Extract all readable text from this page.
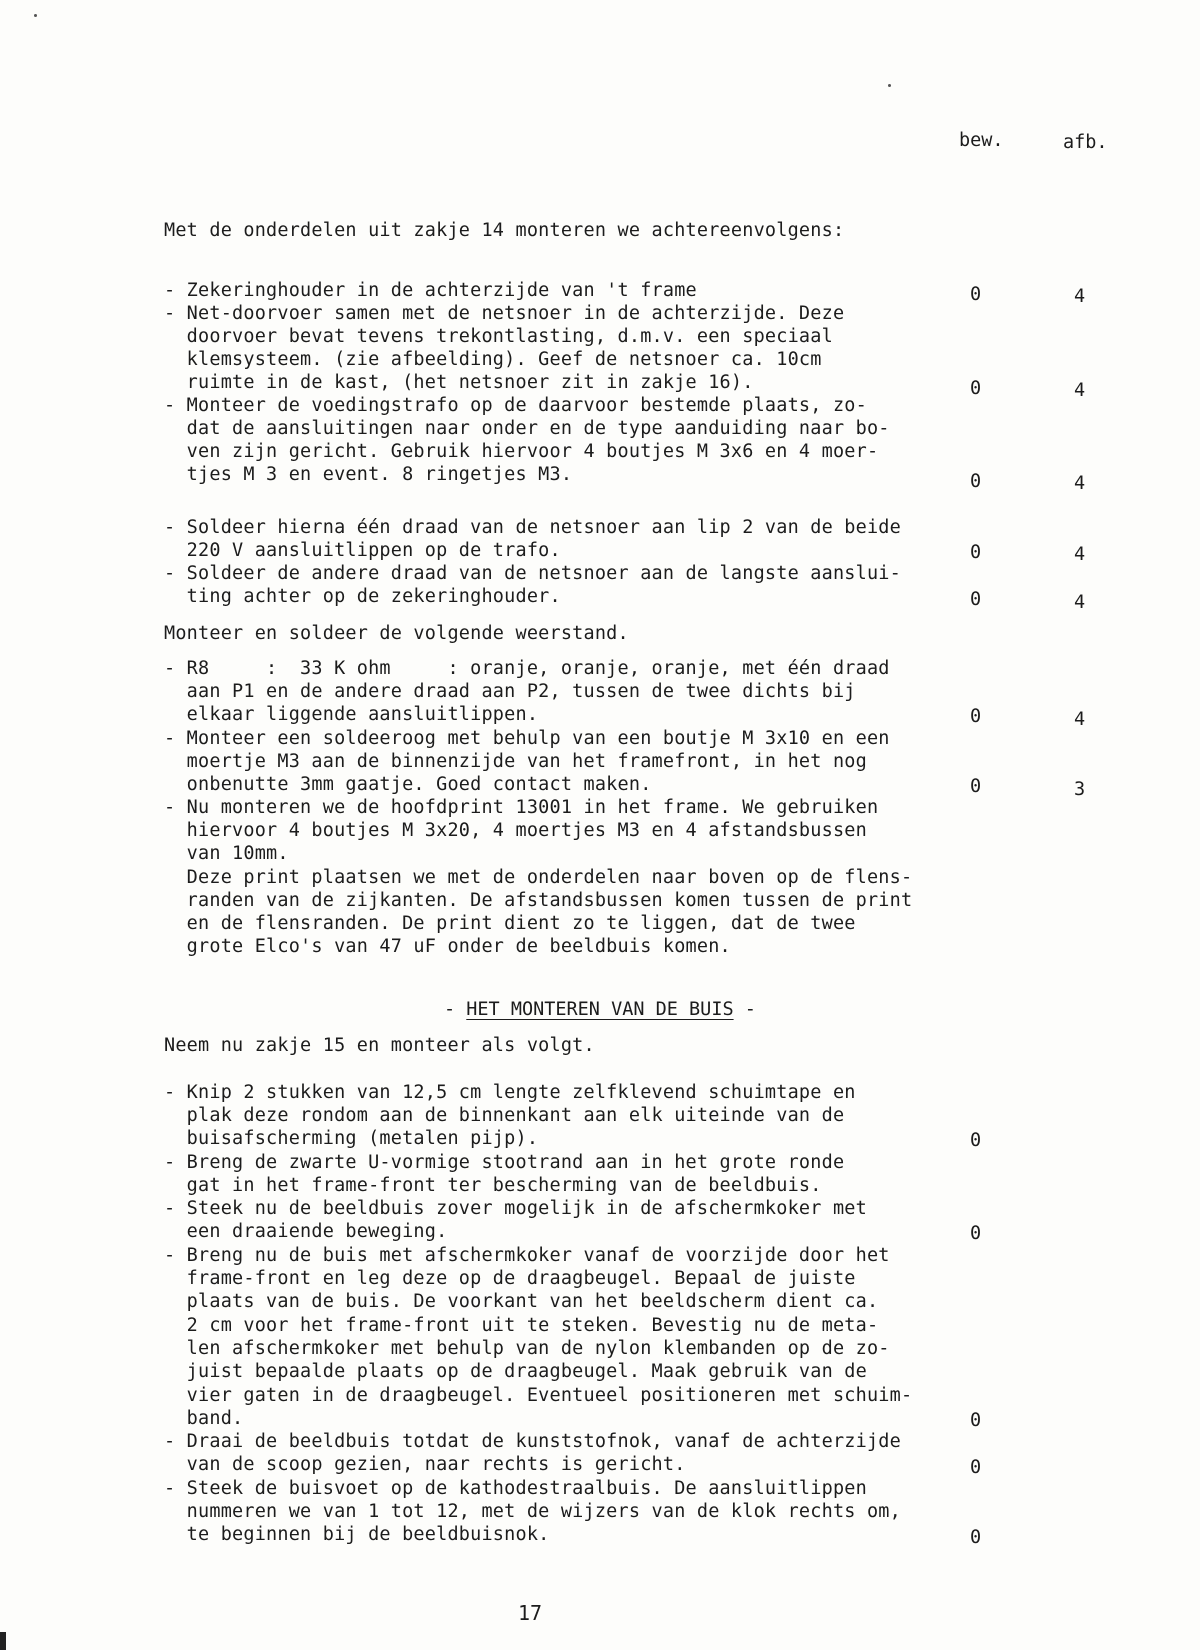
bew.	afb.
Met de onderdelen uit zakje 14 monteren we achtereenvolgens:
- Zekeringhouder in de achterzijde van 't frame
- Net-doorvoer samen met de netsnoer in de achterzijde. Deze
doorvoer bevat tevens trekontlasting, d.m.v. een speciaal
klemsysteem. (zie afbeelding). Geef de netsnoer ca. 10cm
ruimte in de kast, (het netsnoer zit in zakje 16).
- Monteer de voedingstrafo op de daarvoor bestemde plaats, zo-
dat de aansluitingen naar onder en de type aanduiding naar bo-
ven zijn gericht. Gebruik hiervoor 4 boutjes M 3x6 en 4 moer-
tjes M 3 en event. 8 ringetjes M3.
- Soldeer hierna één draad van de netsnoer aan lip 2 van de beide
220 V aansluitlippen op de trafo.
- Soldeer de andere draad van de netsnoer aan de langste aanslui-
ting achter op de zekeringhouder.
Monteer en soldeer de volgende weerstand.
- R8     :  33 K ohm     : oranje, oranje, oranje, met één draad
aan P1 en de andere draad aan P2, tussen de twee dichts bij
elkaar liggende aansluitlippen.
- Monteer een soldeeroog met behulp van een boutje M 3x10 en een
moertje M3 aan de binnenzijde van het framefront, in het nog
onbenutte 3mm gaatje. Goed contact maken.
- Nu monteren we de hoofdprint 13001 in het frame. We gebruiken
hiervoor 4 boutjes M 3x20, 4 moertjes M3 en 4 afstandsbussen
van 10mm.
Deze print plaatsen we met de onderdelen naar boven op de flens-
randen van de zijkanten. De afstandsbussen komen tussen de print
en de flensranden. De print dient zo te liggen, dat de twee
grote Elco's van 47 uF onder de beeldbuis komen.
- HET MONTEREN VAN DE BUIS -
Neem nu zakje 15 en monteer als volgt.
- Knip 2 stukken van 12,5 cm lengte zelfklevend schuimtape en
plak deze rondom aan de binnenkant aan elk uiteinde van de
buisafscherming (metalen pijp).
- Breng de zwarte U-vormige stootrand aan in het grote ronde
gat in het frame-front ter bescherming van de beeldbuis.
- Steek nu de beeldbuis zover mogelijk in de afschermkoker met
een draaiende beweging.
- Breng nu de buis met afschermkoker vanaf de voorzijde door het
frame-front en leg deze op de draagbeugel. Bepaal de juiste
plaats van de buis. De voorkant van het beeldscherm dient ca.
2 cm voor het frame-front uit te steken. Bevestig nu de meta-
len afschermkoker met behulp van de nylon klembanden op de zo-
juist bepaalde plaats op de draagbeugel. Maak gebruik van de
vier gaten in de draagbeugel. Eventueel positioneren met schuim-
band.
- Draai de beeldbuis totdat de kunststofnok, vanaf de achterzijde
van de scoop gezien, naar rechts is gericht.
- Steek de buisvoet op de kathodestraalbuis. De aansluitlippen
nummeren we van 1 tot 12, met de wijzers van de klok rechts om,
te beginnen bij de beeldbuisnok.
0	4
0	4
0	4
0	4
0	4
0	4
0	3
0
0
0
0
0
17
